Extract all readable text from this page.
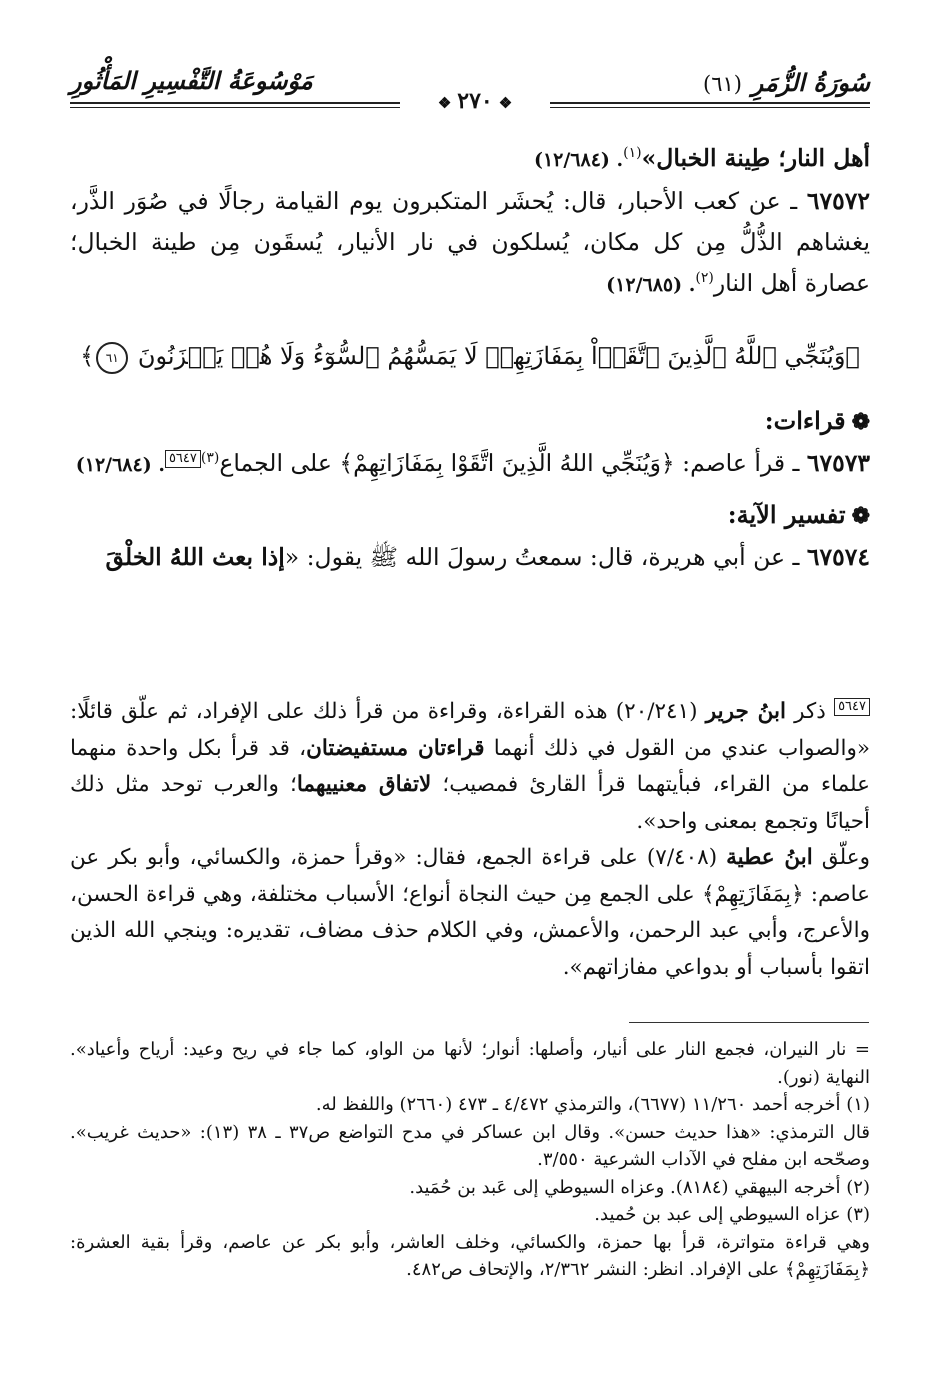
سُورَةُ الزُّمَرِ
(٦١)
مَوْسُوعَةُ التَّفْسِيرِ المَأْثُورِ
❖٢٧٠❖

أهل النار؛ طِينة الخبال»$^{(١)}$. (١٢/٦٨٤)

٦٧٥٧٢ ـ عن كعب الأحبار، قال: يُحشَر المتكبرون يوم القيامة رجالًا في صُوَر الذَّر، يغشاهم الذُّلُّ مِن كل مكان، يُسلكون في نار الأنيار، يُسقَون مِن طينة الخبال؛ عصارة أهل النار$^{(٢)}$. (١٢/٦٨٥)

﴿وَيُنَجِّي ٱللَّهُ ٱلَّذِينَ ٱتَّقَوۡاْ بِمَفَازَتِهِمۡ لَا يَمَسُّهُمُ ٱلسُّوٓءُ وَلَا هُمۡ يَحۡزَنُونَ ٦١﴾
❁قراءات:

٦٧٥٧٣ ـ قرأ عاصم: ﴿وَيُنَجِّي اللهُ الَّذِينَ اتَّقَوْا بِمَفَازَاتِهِمْ﴾ على الجماع$^{(٣)}$٥٦٤٧. (١٢/٦٨٤)

❁تفسير الآية:

٦٧٥٧٤ ـ عن أبي هريرة، قال: سمعتُ رسولَ الله ﷺ يقول: «إذا بعث اللهُ الخلْقَ

٥٦٤٧ ذكر ابنُ جرير (٢٠/٢٤١) هذه القراءة، وقراءة من قرأ ذلك على الإفراد، ثم علّق قائلًا: «والصواب عندي من القول في ذلك أنهما قراءتان مستفيضتان، قد قرأ بكل واحدة منهما علماء من القراء، فبأيتهما قرأ القارئ فمصيب؛ لاتفاق معنييهما؛ والعرب توحد مثل ذلك أحيانًا وتجمع بمعنى واحد».

وعلّق ابنُ عطية (٧/٤٠٨) على قراءة الجمع، فقال: «وقرأ حمزة، والكسائي، وأبو بكر عن عاصم: ﴿بِمَفَازَتِهِمْ﴾ على الجمع مِن حيث النجاة أنواع؛ الأسباب مختلفة، وهي قراءة الحسن، والأعرج، وأبي عبد الرحمن، والأعمش، وفي الكلام حذف مضاف، تقديره: وينجي الله الذين اتقوا بأسباب أو بدواعي مفازاتهم».

= نار النيران، فجمع النار على أنيار، وأصلها: أنوار؛ لأنها من الواو، كما جاء في ريح وعيد: أرياح وأعياد». النهاية (نور).

(١) أخرجه أحمد ١١/٢٦٠ (٦٦٧٧)، والترمذي ٤/٤٧٢ ـ ٤٧٣ (٢٦٦٠) واللفظ له.

قال الترمذي: «هذا حديث حسن». وقال ابن عساكر في مدح التواضع ص٣٧ ـ ٣٨ (١٣): «حديث غريب». وصحّحه ابن مفلح في الآداب الشرعية ٣/٥٥٠.

(٢) أخرجه البيهقي (٨١٨٤). وعزاه السيوطي إلى عَبد بن حُمَيد.

(٣) عزاه السيوطي إلى عبد بن حُميد.

وهي قراءة متواترة، قرأ بها حمزة، والكسائي، وخلف العاشر، وأبو بكر عن عاصم، وقرأ بقية العشرة: ﴿بِمَفَازَتِهِمْ﴾ على الإفراد. انظر: النشر ٢/٣٦٢، والإتحاف ص٤٨٢.
